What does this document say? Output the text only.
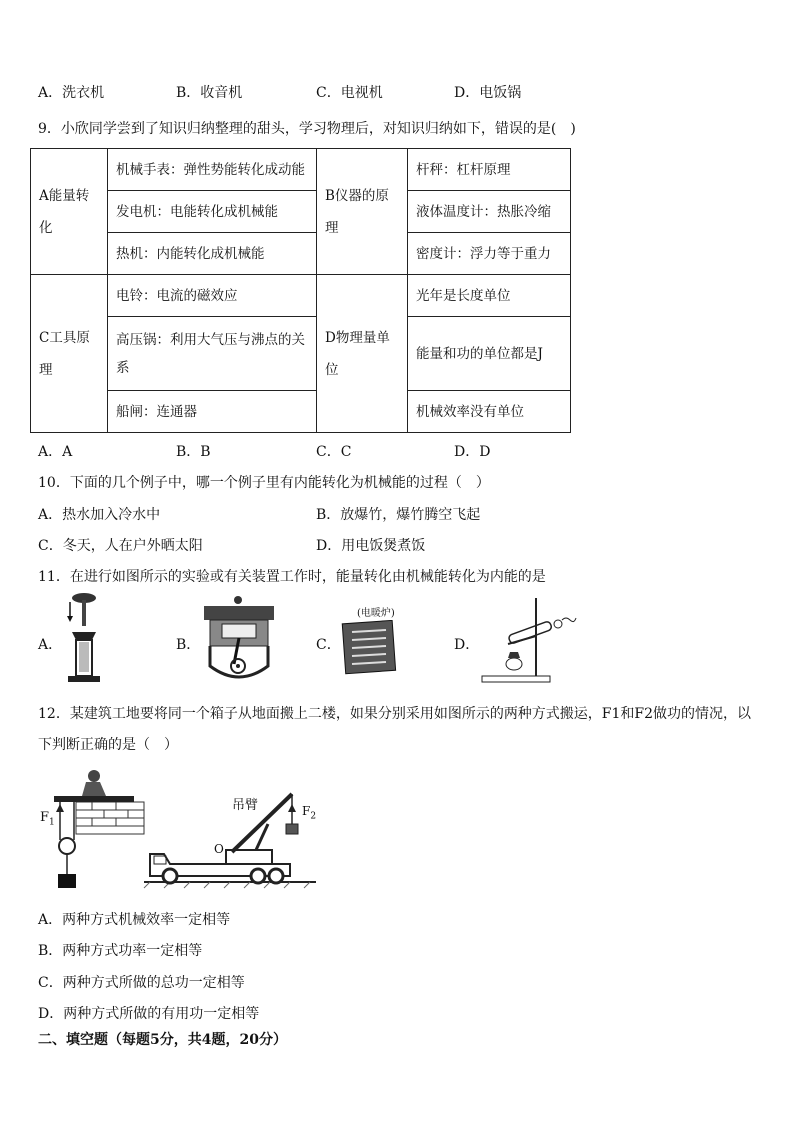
A．洗衣机	B．收音机	C．电视机	D．电饭锅
9．小欣同学尝到了知识归纳整理的甜头，学习物理后，对知识归纳如下，错误的是(　)
A能量转化	机械手表：弹性势能转化成动能	B仪器的原理	杆秤：杠杆原理
	发电机：电能转化成机械能		液体温度计：热胀冷缩
	热机：内能转化成机械能		密度计：浮力等于重力
C工具原理	电铃：电流的磁效应	D物理量单位	光年是长度单位
	高压锅：利用大气压与沸点的关系		能量和功的单位都是J
	船闸：连通器		机械效率没有单位
A．A	B．B	C．C	D．D
10．下面的几个例子中，哪一个例子里有内能转化为机械能的过程（　）
A．热水加入冷水中	B．放爆竹，爆竹腾空飞起
C．冬天，人在户外晒太阳	D．用电饭煲煮饭
11．在进行如图所示的实验或有关装置工作时，能量转化由机械能转化为内能的是
A．	B．	C．
(电暖炉)
D．
12．某建筑工地要将同一个箱子从地面搬上二楼，如果分别采用如图所示的两种方式搬运，F1和F2做功的情况，以
下判断正确的是（　）
$F_1$
吊臂	$F_2$
O
A．两种方式机械效率一定相等
B．两种方式功率一定相等
C．两种方式所做的总功一定相等
D．两种方式所做的有用功一定相等
二、填空题（每题5分，共4题，20分）
